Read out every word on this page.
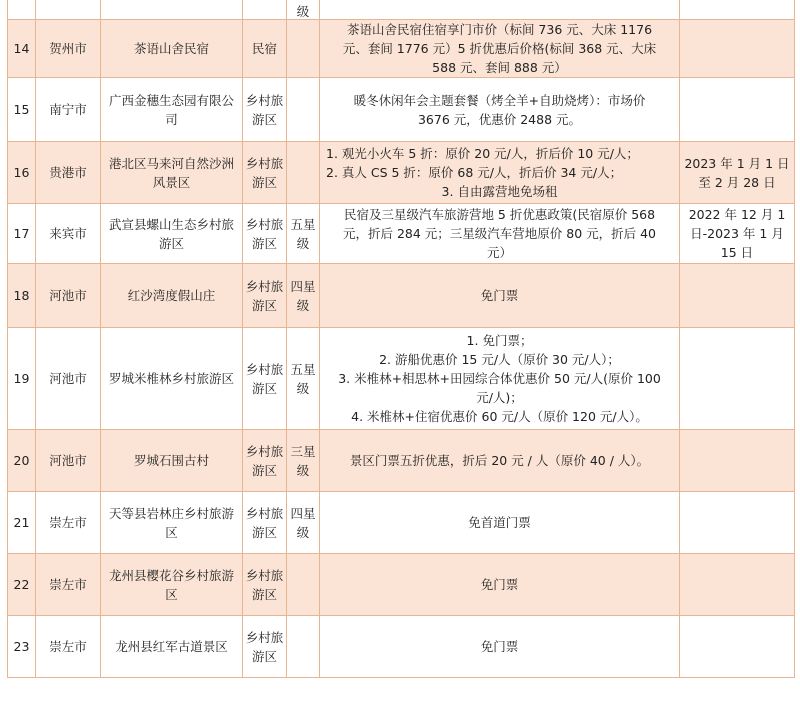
				级		
14	贺州市	茶语山舍民宿	民宿		茶语山舍民宿住宿享门市价（标间 736 元、大床 1176
元、套间 1776 元）5 折优惠后价格(标间 368 元、大床
588 元、套间 888 元）	

15	南宁市	广西金穗生态园有限公司	乡村旅游区		暖冬休闲年会主题套餐（烤全羊+自助烧烤）：市场价
3676 元，优惠价 2488 元。	

16	贵港市	港北区马来河自然沙洲风景区	乡村旅游区		1. 观光小火车 5 折：原价 20 元/人，折后价 10 元/人；
2. 真人 CS 5 折：原价 68 元/人，折后价 34 元/人；
3. 自由露营地免场租	2023 年 1 月 1 日至 2 月 28 日
17	来宾市	武宣县螺山生态乡村旅游区	乡村旅游区	五星级	民宿及三星级汽车旅游营地 5 折优惠政策(民宿原价 568
元，折后 284 元；三星级汽车营地原价 80 元，折后 40
元）	2022 年 12 月 1 日-2023 年 1 月 15 日
18	河池市	红沙湾度假山庄	乡村旅游区	四星级	免门票	

19	河池市	罗城米椎林乡村旅游区	乡村旅游区	五星级	1. 免门票；
2. 游船优惠价 15 元/人（原价 30 元/人）；
3. 米椎林+相思林+田园综合体优惠价 50 元/人(原价 100
元/人)；
4. 米椎林+住宿优惠价 60 元/人（原价 120 元/人）。	

20	河池市	罗城石围古村	乡村旅游区	三星级	景区门票五折优惠，折后 20 元 / 人（原价 40 / 人）。	

21	崇左市	天等县岩林庄乡村旅游区	乡村旅游区	四星级	免首道门票	

22	崇左市	龙州县樱花谷乡村旅游区	乡村旅游区		免门票	

23	崇左市	龙州县红军古道景区	乡村旅游区		免门票	
